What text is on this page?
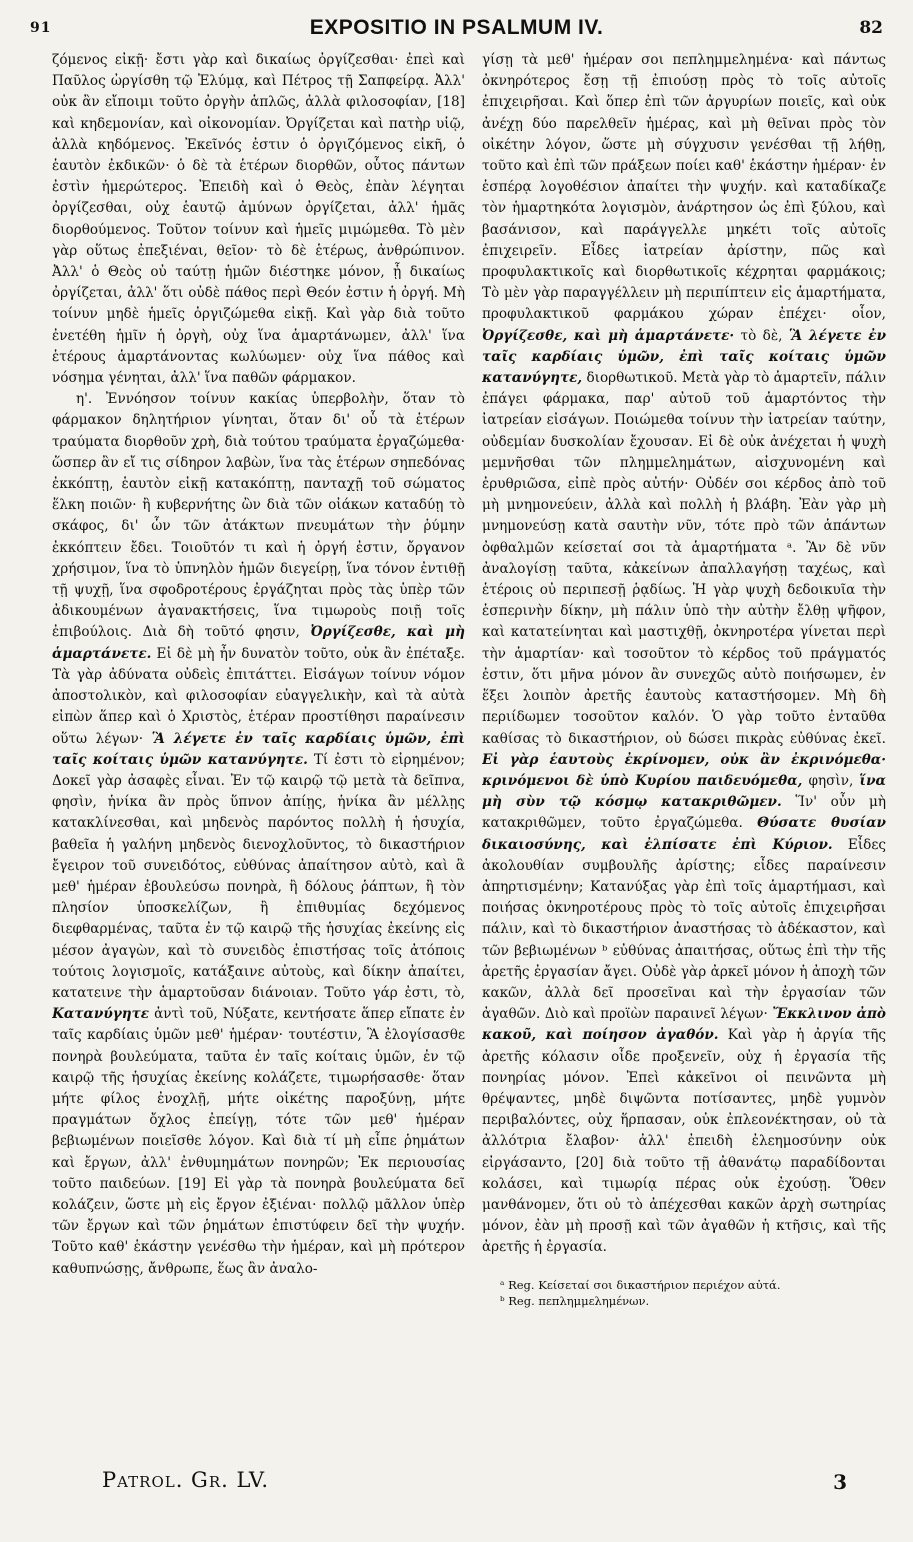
91	EXPOSITIO IN PSALMUM IV.	82

ζόμενος εἰκῇ· ἔστι γὰρ καὶ δικαίως ὀργίζεσθαι· ἐπεὶ καὶ Παῦλος ὠργίσθη τῷ Ἐλύμᾳ, καὶ Πέτρος τῇ Σαπφείρᾳ. Ἀλλ' οὐκ ἂν εἴποιμι τοῦτο ὀργὴν ἁπλῶς, ἀλλὰ φιλοσοφίαν, [18] καὶ κηδεμονίαν, καὶ οἰκονομίαν. Ὀργίζεται καὶ πατὴρ υἱῷ, ἀλλὰ κηδόμενος. Ἐκεῖνός ἐστιν ὁ ὀργιζόμενος εἰκῆ, ὁ ἑαυτὸν ἐκδικῶν· ὁ δὲ τὰ ἑτέρων διορθῶν, οὗτος πάντων ἐστὶν ἡμερώτερος. Ἐπειδὴ καὶ ὁ Θεὸς, ἐπὰν λέγηται ὀργίζεσθαι, οὐχ ἑαυτῷ ἀμύνων ὀργίζεται, ἀλλ' ἡμᾶς διορθούμενος. Τοῦτον τοίνυν καὶ ἡμεῖς μιμώμεθα. Τὸ μὲν γὰρ οὕτως ἐπεξιέναι, θεῖον· τὸ δὲ ἑτέρως, ἀνθρώπινον. Ἀλλ' ὁ Θεὸς οὐ ταύτῃ ἡμῶν διέστηκε μόνον, ᾗ δικαίως ὀργίζεται, ἀλλ' ὅτι οὐδὲ πάθος περὶ Θεόν ἐστιν ἡ ὀργή. Μὴ τοίνυν μηδὲ ἡμεῖς ὀργιζώμεθα εἰκῇ. Καὶ γὰρ διὰ τοῦτο ἐνετέθη ἡμῖν ἡ ὀργὴ, οὐχ ἵνα ἁμαρτάνωμεν, ἀλλ' ἵνα ἑτέρους ἁμαρτάνοντας κωλύωμεν· οὐχ ἵνα πάθος καὶ νόσημα γένηται, ἀλλ' ἵνα παθῶν φάρμακον.

η'. Ἐννόησον τοίνυν κακίας ὑπερβολὴν, ὅταν τὸ φάρμακον δηλητήριον γίνηται, ὅταν δι' οὗ τὰ ἑτέρων τραύματα διορθοῦν χρὴ, διὰ τούτου τραύματα ἐργαζώμεθα· ὥσπερ ἂν εἴ τις σίδηρον λαβὼν, ἵνα τὰς ἑτέρων σηπεδόνας ἐκκόπτῃ, ἑαυτὸν εἰκῇ κατακόπτῃ, πανταχῇ τοῦ σώματος ἕλκη ποιῶν· ἢ κυβερνήτης ὢν διὰ τῶν οἰάκων καταδύῃ τὸ σκάφος, δι' ὧν τῶν ἀτάκτων πνευμάτων τὴν ῥύμην ἐκκόπτειν ἔδει. Τοιοῦτόν τι καὶ ἡ ὀργή ἐστιν, ὄργανον χρήσιμον, ἵνα τὸ ὑπνηλὸν ἡμῶν διεγείρῃ, ἵνα τόνον ἐντιθῇ τῇ ψυχῇ, ἵνα σφοδροτέρους ἐργάζηται πρὸς τὰς ὑπὲρ τῶν ἀδικουμένων ἀγανακτήσεις, ἵνα τιμωροὺς ποιῇ τοῖς ἐπιβούλοις. Διὰ δὴ τοῦτό φησιν, Ὀργίζεσθε, καὶ μὴ ἁμαρτάνετε. Εἰ δὲ μὴ ἦν δυνατὸν τοῦτο, οὐκ ἂν ἐπέταξε. Τὰ γὰρ ἀδύνατα οὐδεὶς ἐπιτάττει. Εἰσάγων τοίνυν νόμον ἀποστολικὸν, καὶ φιλοσοφίαν εὐαγγελικὴν, καὶ τὰ αὐτὰ εἰπὼν ἅπερ καὶ ὁ Χριστὸς, ἑτέραν προστίθησι παραίνεσιν οὕτω λέγων· Ἃ λέγετε ἐν ταῖς καρδίαις ὑμῶν, ἐπὶ ταῖς κοίταις ὑμῶν κατανύγητε. Τί ἐστι τὸ εἰρημένον; Δοκεῖ γὰρ ἀσαφὲς εἶναι. Ἐν τῷ καιρῷ τῷ μετὰ τὰ δεῖπνα, φησὶν, ἡνίκα ἂν πρὸς ὕπνον ἀπίῃς, ἡνίκα ἂν μέλλῃς κατακλίνεσθαι, καὶ μηδενὸς παρόντος πολλὴ ἡ ἡσυχία, βαθεῖα ἡ γαλήνη μηδενὸς διενοχλοῦντος, τὸ δικαστήριον ἔγειρον τοῦ συνειδότος, εὐθύνας ἀπαίτησον αὐτὸ, καὶ ἃ μεθ' ἡμέραν ἐβουλεύσω πονηρὰ, ἢ δόλους ῥάπτων, ἢ τὸν πλησίον ὑποσκελίζων, ἢ ἐπιθυμίας δεχόμενος διεφθαρμένας, ταῦτα ἐν τῷ καιρῷ τῆς ἡσυχίας ἐκείνης εἰς μέσον ἀγαγὼν, καὶ τὸ συνειδὸς ἐπιστήσας τοῖς ἀτόποις τούτοις λογισμοῖς, κατάξαινε αὐτοὺς, καὶ δίκην ἀπαίτει, κατατεινε τὴν ἁμαρτοῦσαν διάνοιαν. Τοῦτο γάρ ἐστι, τὸ, Κατανύγητε ἀντὶ τοῦ, Νύξατε, κεντήσατε ἅπερ εἴπατε ἐν ταῖς καρδίαις ὑμῶν μεθ' ἡμέραν· τουτέστιν, Ἃ ἐλογίσασθε πονηρὰ βουλεύματα, ταῦτα ἐν ταῖς κοίταις ὑμῶν, ἐν τῷ καιρῷ τῆς ἡσυχίας ἐκείνης κολάζετε, τιμωρήσασθε· ὅταν μήτε φίλος ἐνοχλῇ, μήτε οἰκέτης παροξύνῃ, μήτε πραγμάτων ὄχλος ἐπείγῃ, τότε τῶν μεθ' ἡμέραν βεβιωμένων ποιεῖσθε λόγον. Καὶ διὰ τί μὴ εἶπε ῥημάτων καὶ ἔργων, ἀλλ' ἐνθυμημάτων πονηρῶν; Ἐκ περιουσίας τοῦτο παιδεύων. [19] Εἰ γὰρ τὰ πονηρὰ βουλεύματα δεῖ κολάζειν, ὥστε μὴ εἰς ἔργον ἐξιέναι· πολλῷ μᾶλλον ὑπὲρ τῶν ἔργων καὶ τῶν ῥημάτων ἐπιστύφειν δεῖ τὴν ψυχήν. Τοῦτο καθ' ἑκάστην γενέσθω τὴν ἡμέραν, καὶ μὴ πρότερον καθυπνώσῃς, ἄνθρωπε, ἕως ἂν ἀναλο-

γίσῃ τὰ μεθ' ἡμέραν σοι πεπλημμελημένα· καὶ πάντως ὀκνηρότερος ἔσῃ τῇ ἐπιούσῃ πρὸς τὸ τοῖς αὐτοῖς ἐπιχειρῆσαι. Καὶ ὅπερ ἐπὶ τῶν ἀργυρίων ποιεῖς, καὶ οὐκ ἀνέχῃ δύο παρελθεῖν ἡμέρας, καὶ μὴ θεῖναι πρὸς τὸν οἰκέτην λόγον, ὥστε μὴ σύγχυσιν γενέσθαι τῇ λήθῃ, τοῦτο καὶ ἐπὶ τῶν πράξεων ποίει καθ' ἑκάστην ἡμέραν· ἐν ἑσπέρᾳ λογοθέσιον ἀπαίτει τὴν ψυχήν. καὶ καταδίκαζε τὸν ἡμαρτηκότα λογισμὸν, ἀνάρτησον ὡς ἐπὶ ξύλου, καὶ βασάνισον, καὶ παράγγελλε μηκέτι τοῖς αὐτοῖς ἐπιχειρεῖν. Εἶδες ἰατρείαν ἀρίστην, πῶς καὶ προφυλακτικοῖς καὶ διορθωτικοῖς κέχρηται φαρμάκοις; Τὸ μὲν γὰρ παραγγέλλειν μὴ περιπίπτειν εἰς ἁμαρτήματα, προφυλακτικοῦ φαρμάκου χώραν ἐπέχει· οἷον, Ὀργίζεσθε, καὶ μὴ ἁμαρτάνετε· τὸ δὲ, Ἃ λέγετε ἐν ταῖς καρδίαις ὑμῶν, ἐπὶ ταῖς κοίταις ὑμῶν κατανύγητε, διορθωτικοῦ. Μετὰ γὰρ τὸ ἁμαρτεῖν, πάλιν ἐπάγει φάρμακα, παρ' αὐτοῦ τοῦ ἁμαρτόντος τὴν ἰατρείαν εἰσάγων. Ποιώμεθα τοίνυν τὴν ἰατρείαν ταύτην, οὐδεμίαν δυσκολίαν ἔχουσαν. Εἰ δὲ οὐκ ἀνέχεται ἡ ψυχὴ μεμνῆσθαι τῶν πλημμελημάτων, αἰσχυνομένη καὶ ἐρυθριῶσα, εἰπὲ πρὸς αὐτήν· Οὐδέν σοι κέρδος ἀπὸ τοῦ μὴ μνημονεύειν, ἀλλὰ καὶ πολλὴ ἡ βλάβη. Ἐὰν γὰρ μὴ μνημονεύσῃ κατὰ σαυτὴν νῦν, τότε πρὸ τῶν ἁπάντων ὀφθαλμῶν κείσεταί σοι τὰ ἁμαρτήματα ᵃ. Ἂν δὲ νῦν ἀναλογίσῃ ταῦτα, κἀκείνων ἀπαλλαγήσῃ ταχέως, καὶ ἑτέροις οὐ περιπεσῇ ῥᾳδίως. Ἡ γὰρ ψυχὴ δεδοικυῖα τὴν ἑσπερινὴν δίκην, μὴ πάλιν ὑπὸ τὴν αὐτὴν ἔλθῃ ψῆφον, καὶ κατατείνηται καὶ μαστιχθῇ, ὀκνηροτέρα γίνεται περὶ τὴν ἁμαρτίαν· καὶ τοσοῦτον τὸ κέρδος τοῦ πράγματός ἐστιν, ὅτι μῆνα μόνον ἂν συνεχῶς αὐτὸ ποιήσωμεν, ἐν ἕξει λοιπὸν ἀρετῆς ἑαυτοὺς καταστήσομεν. Μὴ δὴ περιίδωμεν τοσοῦτον καλόν. Ὁ γὰρ τοῦτο ἐνταῦθα καθίσας τὸ δικαστήριον, οὐ δώσει πικρὰς εὐθύνας ἐκεῖ. Εἰ γὰρ ἑαυτοὺς ἐκρίνομεν, οὐκ ἂν ἐκρινόμεθα· κρινόμενοι δὲ ὑπὸ Κυρίου παιδευόμεθα, φησὶν, ἵνα μὴ σὺν τῷ κόσμῳ κατακριθῶμεν. Ἵν' οὖν μὴ κατακριθῶμεν, τοῦτο ἐργαζώμεθα. Θύσατε θυσίαν δικαιοσύνης, καὶ ἐλπίσατε ἐπὶ Κύριον. Εἶδες ἀκολουθίαν συμβουλῆς ἀρίστης; εἶδες παραίνεσιν ἀπηρτισμένην; Κατανύξας γὰρ ἐπὶ τοῖς ἁμαρτήμασι, καὶ ποιήσας ὀκνηροτέρους πρὸς τὸ τοῖς αὐτοῖς ἐπιχειρῆσαι πάλιν, καὶ τὸ δικαστήριον ἀναστήσας τὸ ἀδέκαστον, καὶ τῶν βεβιωμένων ᵇ εὐθύνας ἀπαιτήσας, οὕτως ἐπὶ τὴν τῆς ἀρετῆς ἐργασίαν ἄγει. Οὐδὲ γὰρ ἀρκεῖ μόνον ἡ ἀποχὴ τῶν κακῶν, ἀλλὰ δεῖ προσεῖναι καὶ τὴν ἐργασίαν τῶν ἀγαθῶν. Διὸ καὶ προϊὼν παραινεῖ λέγων· Ἔκκλινον ἀπὸ κακοῦ, καὶ ποίησον ἀγαθόν. Καὶ γὰρ ἡ ἀργία τῆς ἀρετῆς κόλασιν οἶδε προξενεῖν, οὐχ ἡ ἐργασία τῆς πονηρίας μόνον. Ἐπεὶ κἀκεῖνοι οἱ πεινῶντα μὴ θρέψαντες, μηδὲ διψῶντα ποτίσαντες, μηδὲ γυμνὸν περιβαλόντες, οὐχ ἥρπασαν, οὐκ ἐπλεονέκτησαν, οὐ τὰ ἀλλότρια ἔλαβον· ἀλλ' ἐπειδὴ ἐλεημοσύνην οὐκ εἰργάσαντο, [20] διὰ τοῦτο τῇ ἀθανάτῳ παραδίδονται κολάσει, καὶ τιμωρίᾳ πέρας οὐκ ἐχούσῃ. Ὅθεν μανθάνομεν, ὅτι οὐ τὸ ἀπέχεσθαι κακῶν ἀρχὴ σωτηρίας μόνον, ἐὰν μὴ προσῇ καὶ τῶν ἀγαθῶν ἡ κτῆσις, καὶ τῆς ἀρετῆς ἡ ἐργασία.

ᵃ Reg. Κείσεταί σοι δικαστήριον περιέχον αὐτά.
ᵇ Reg. πεπλημμελημένων.
Patrol. Gr. LV.	3
